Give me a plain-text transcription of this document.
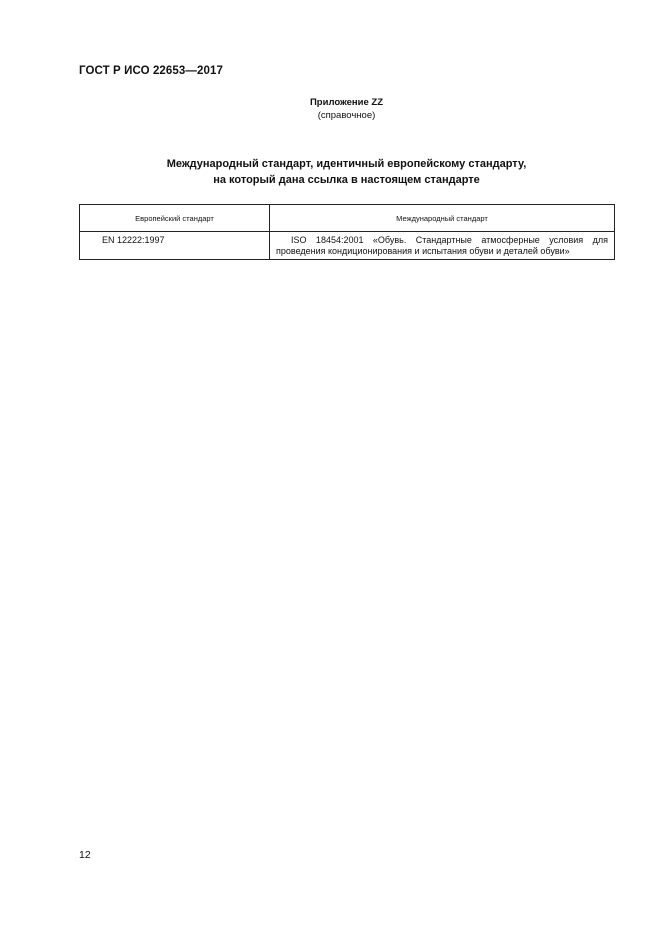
ГОСТ Р ИСО 22653—2017
Приложение ZZ
(справочное)
Международный стандарт, идентичный европейскому стандарту,
на который дана ссылка в настоящем стандарте
Европейский стандарт	Международный стандарт
EN 12222:1997	ISO 18454:2001 «Обувь. Стандартные атмосферные условия для проведения кондиционирования и испытания обуви и деталей обуви»
12
